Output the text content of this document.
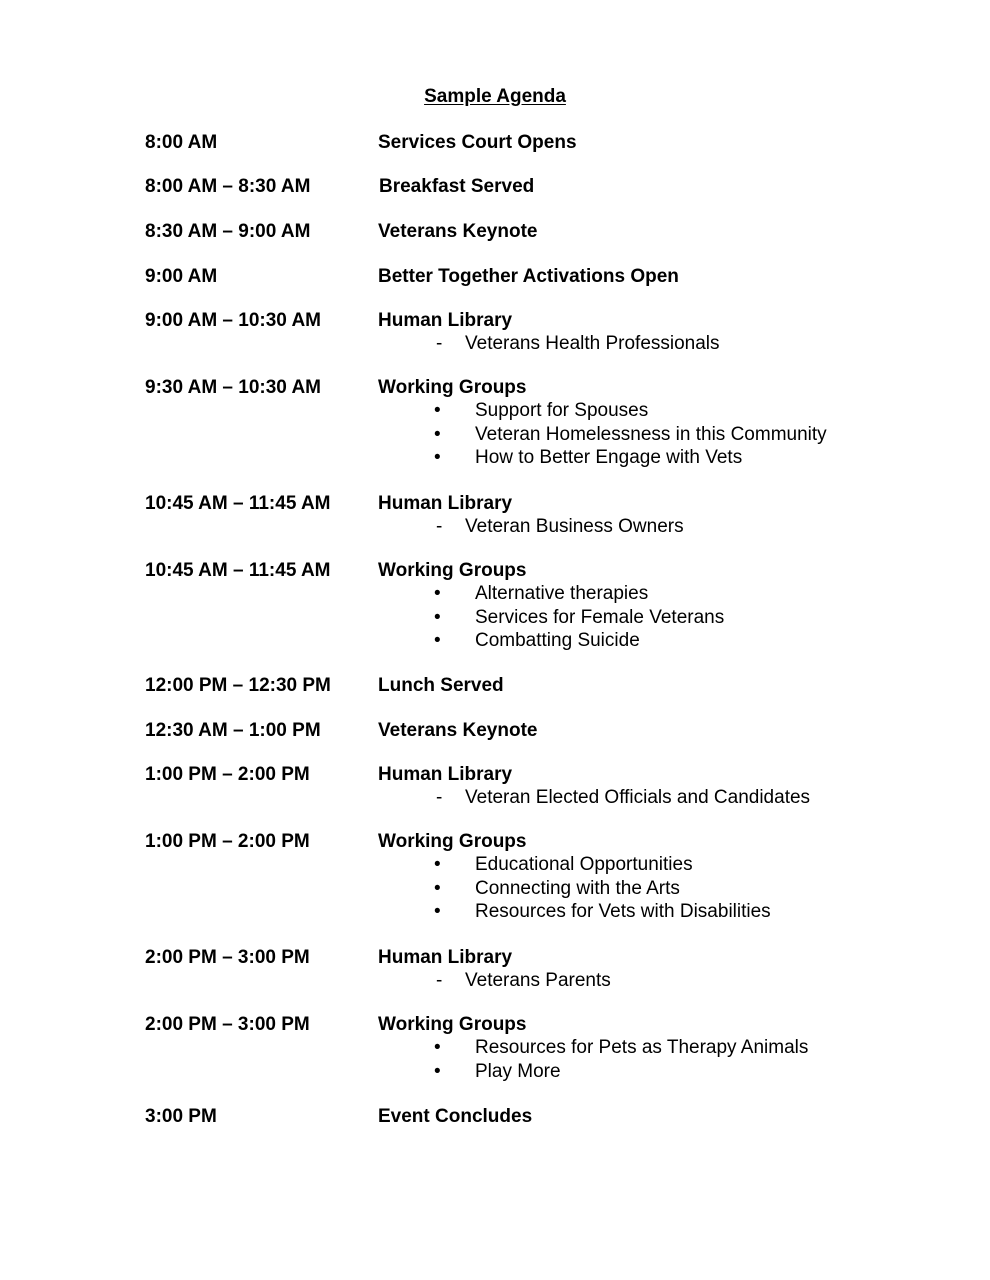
Sample Agenda
8:00 AM	Services Court Opens
8:00 AM – 8:30 AM	Breakfast Served
8:30 AM – 9:00 AM	Veterans Keynote
9:00 AM	Better Together Activations Open
9:00 AM – 10:30 AM	Human Library
- Veterans Health Professionals
9:30 AM – 10:30 AM	Working Groups
• Support for Spouses
• Veteran Homelessness in this Community
• How to Better Engage with Vets
10:45 AM – 11:45 AM Human Library
- Veteran Business Owners
10:45 AM – 11:45 AM Working Groups
• Alternative therapies
• Services for Female Veterans
• Combatting Suicide
12:00 PM – 12:30 PM Lunch Served
12:30 AM – 1:00 PM	Veterans Keynote
1:00 PM – 2:00 PM	Human Library
- Veteran Elected Officials and Candidates
1:00 PM – 2:00 PM	Working Groups
• Educational Opportunities
• Connecting with the Arts
• Resources for Vets with Disabilities
2:00 PM – 3:00 PM	Human Library
- Veterans Parents
2:00 PM – 3:00 PM	Working Groups
• Resources for Pets as Therapy Animals
• Play More
3:00 PM	Event Concludes
